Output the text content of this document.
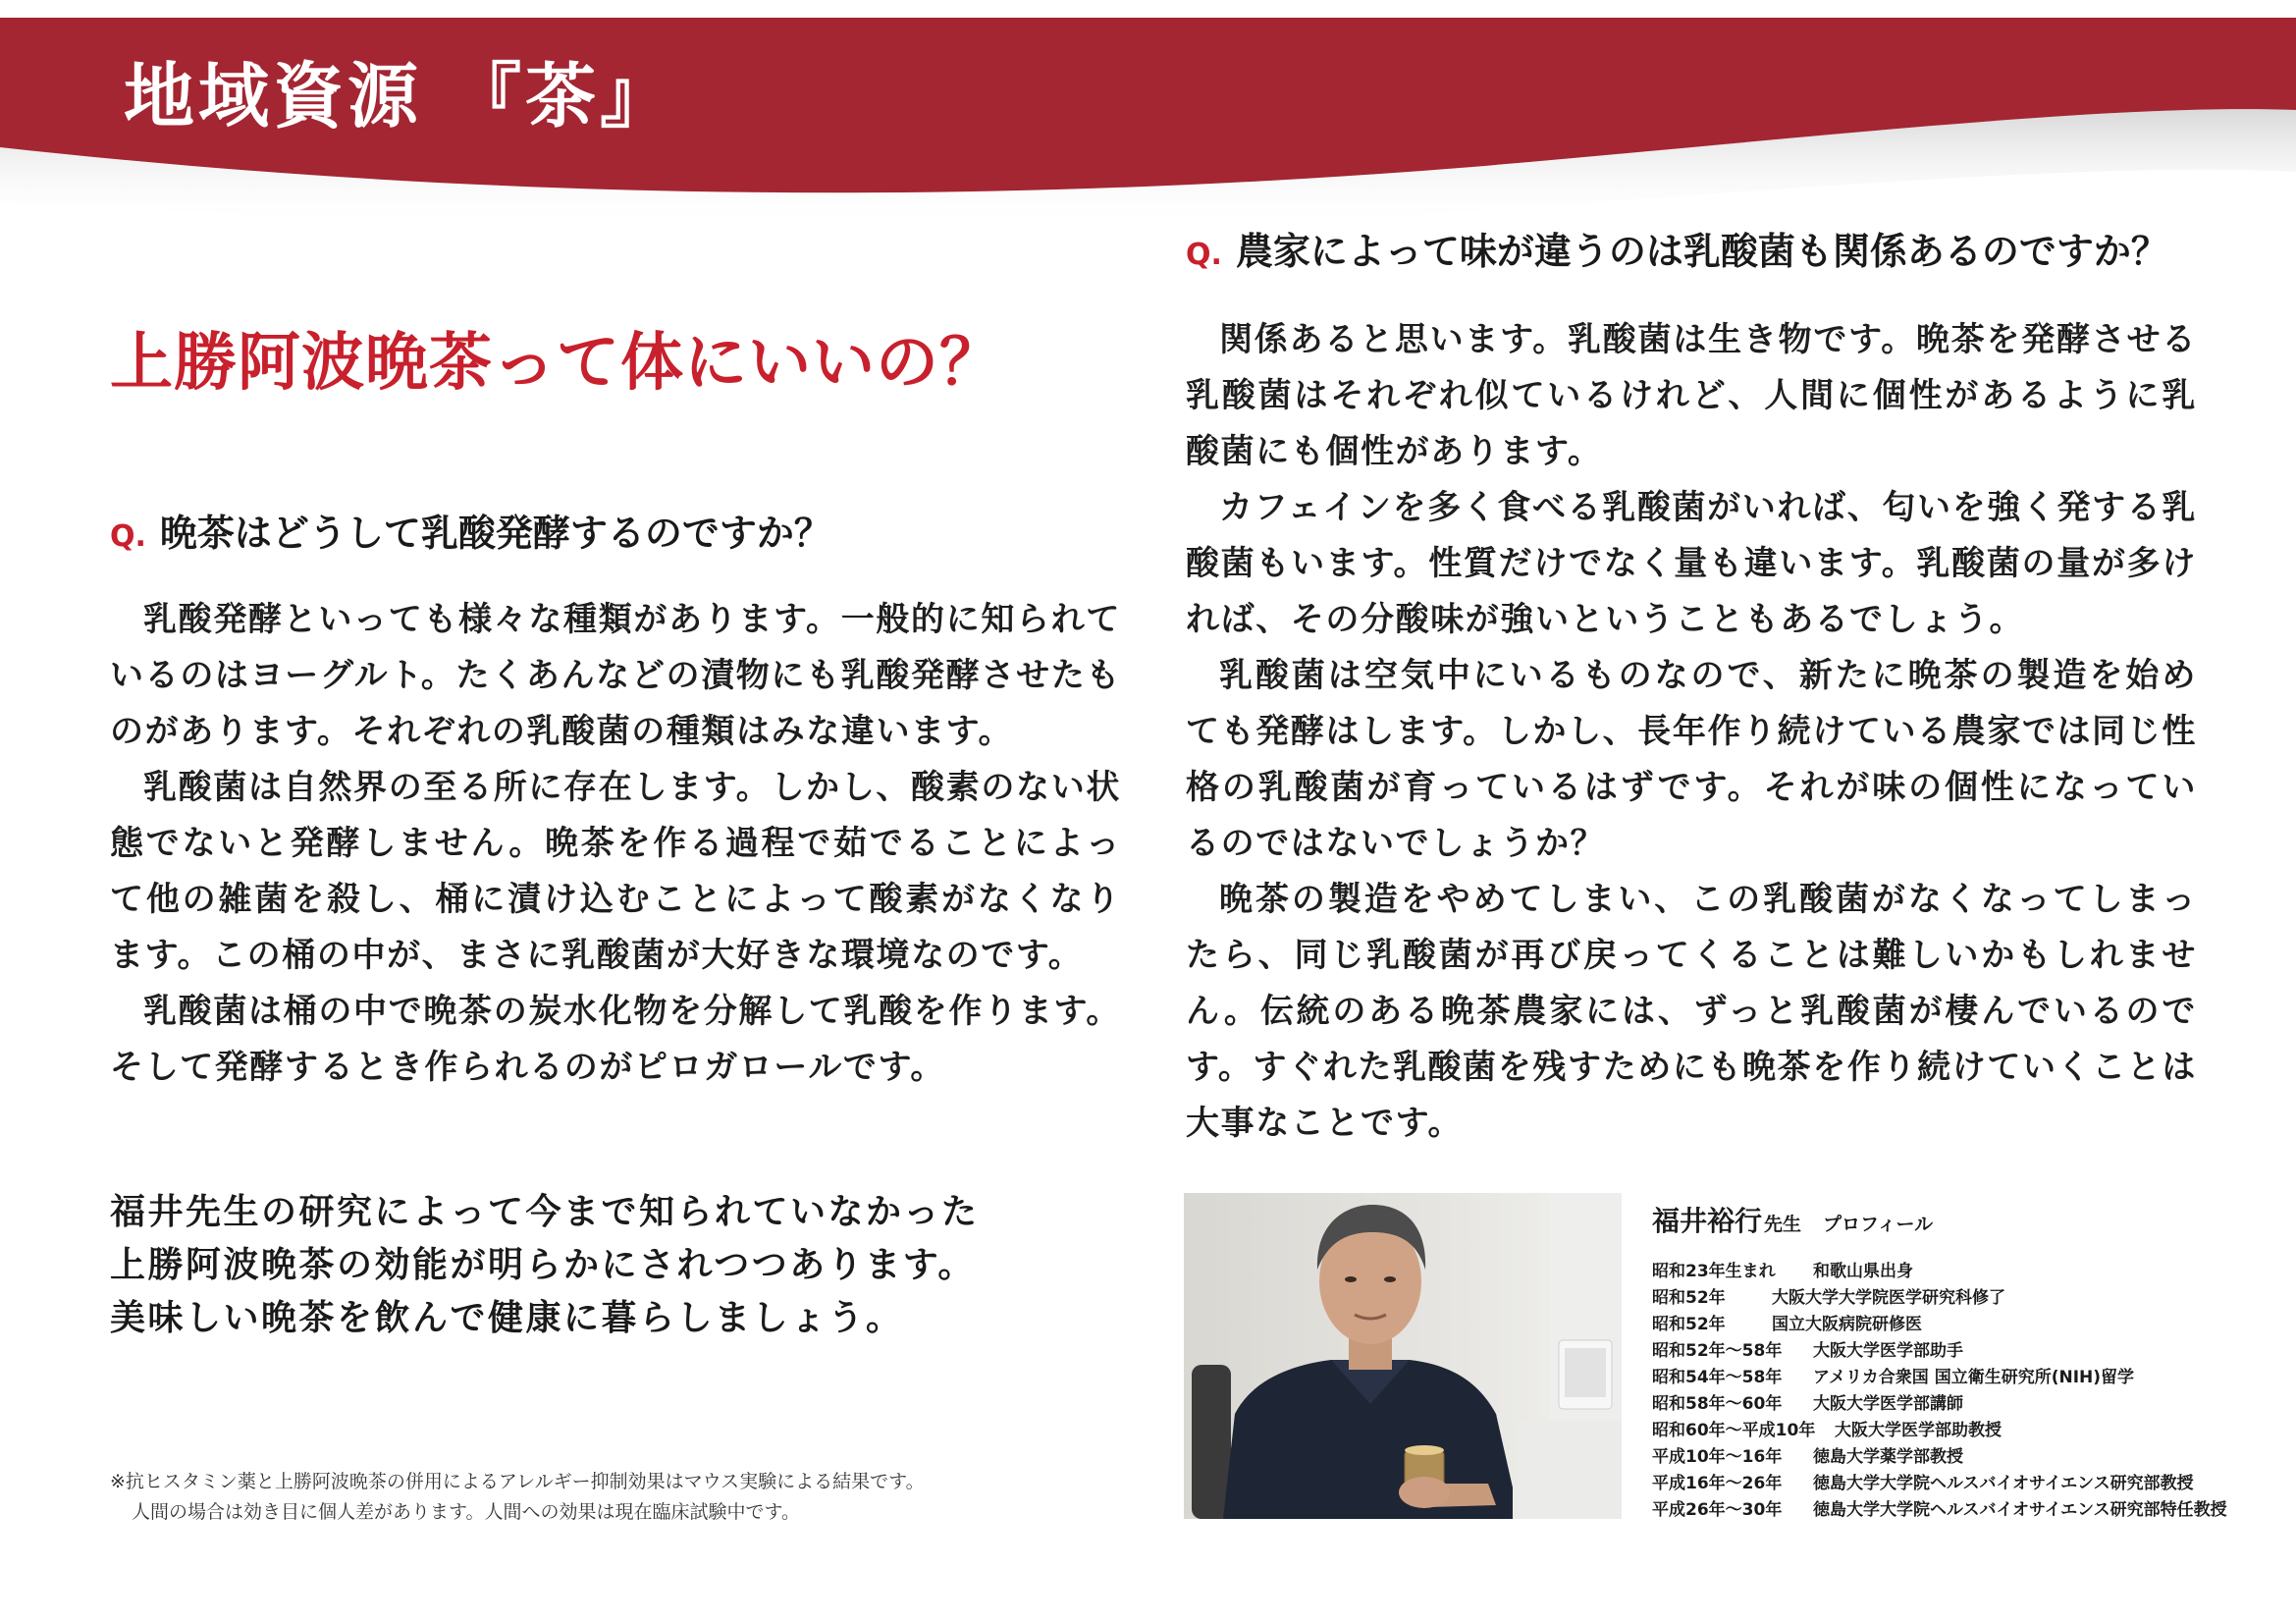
地域資源 『茶』
上勝阿波晩茶って体にいいの？
Q. 晩茶はどうして乳酸発酵するのですか？

乳酸発酵といっても様々な種類があります。一般的に知られているのはヨーグルト。たくあんなどの漬物にも乳酸発酵させたものがあります。それぞれの乳酸菌の種類はみな違います。

乳酸菌は自然界の至る所に存在します。しかし、酸素のない状態でないと発酵しません。晩茶を作る過程で茹でることによって他の雑菌を殺し、桶に漬け込むことによって酸素がなくなります。この桶の中が、まさに乳酸菌が大好きな環境なのです。

乳酸菌は桶の中で晩茶の炭水化物を分解して乳酸を作ります。そして発酵するとき作られるのがピロガロールです。

福井先生の研究によって今まで知られていなかった
上勝阿波晩茶の効能が明らかにされつつあります。
美味しい晩茶を飲んで健康に暮らしましょう。
※抗ヒスタミン薬と上勝阿波晩茶の併用によるアレルギー抑制効果はマウス実験による結果です。
人間の場合は効き目に個人差があります。人間への効果は現在臨床試験中です。
Q. 農家によって味が違うのは乳酸菌も関係あるのですか？

関係あると思います。乳酸菌は生き物です。晩茶を発酵させる乳酸菌はそれぞれ似ているけれど、人間に個性があるように乳酸菌にも個性があります。

カフェインを多く食べる乳酸菌がいれば、匂いを強く発する乳酸菌もいます。性質だけでなく量も違います。乳酸菌の量が多ければ、その分酸味が強いということもあるでしょう。

乳酸菌は空気中にいるものなので、新たに晩茶の製造を始めても発酵はします。しかし、長年作り続けている農家では同じ性格の乳酸菌が育っているはずです。それが味の個性になっているのではないでしょうか？

晩茶の製造をやめてしまい、この乳酸菌がなくなってしまったら、同じ乳酸菌が再び戻ってくることは難しいかもしれません。伝統のある晩茶農家には、ずっと乳酸菌が棲んでいるのです。すぐれた乳酸菌を残すためにも晩茶を作り続けていくことは大事なことです。

福井裕行 先生 プロフィール
昭和23年生まれ	和歌山県出身
昭和52年	大阪大学大学院医学研究科修了
昭和52年	国立大阪病院研修医
昭和52年〜58年	大阪大学医学部助手
昭和54年〜58年	アメリカ合衆国 国立衛生研究所(NIH)留学
昭和58年〜60年	大阪大学医学部講師
昭和60年〜平成10年	大阪大学医学部助教授
平成10年〜16年	徳島大学薬学部教授
平成16年〜26年	徳島大学大学院ヘルスバイオサイエンス研究部教授
平成26年〜30年	徳島大学大学院ヘルスバイオサイエンス研究部特任教授
